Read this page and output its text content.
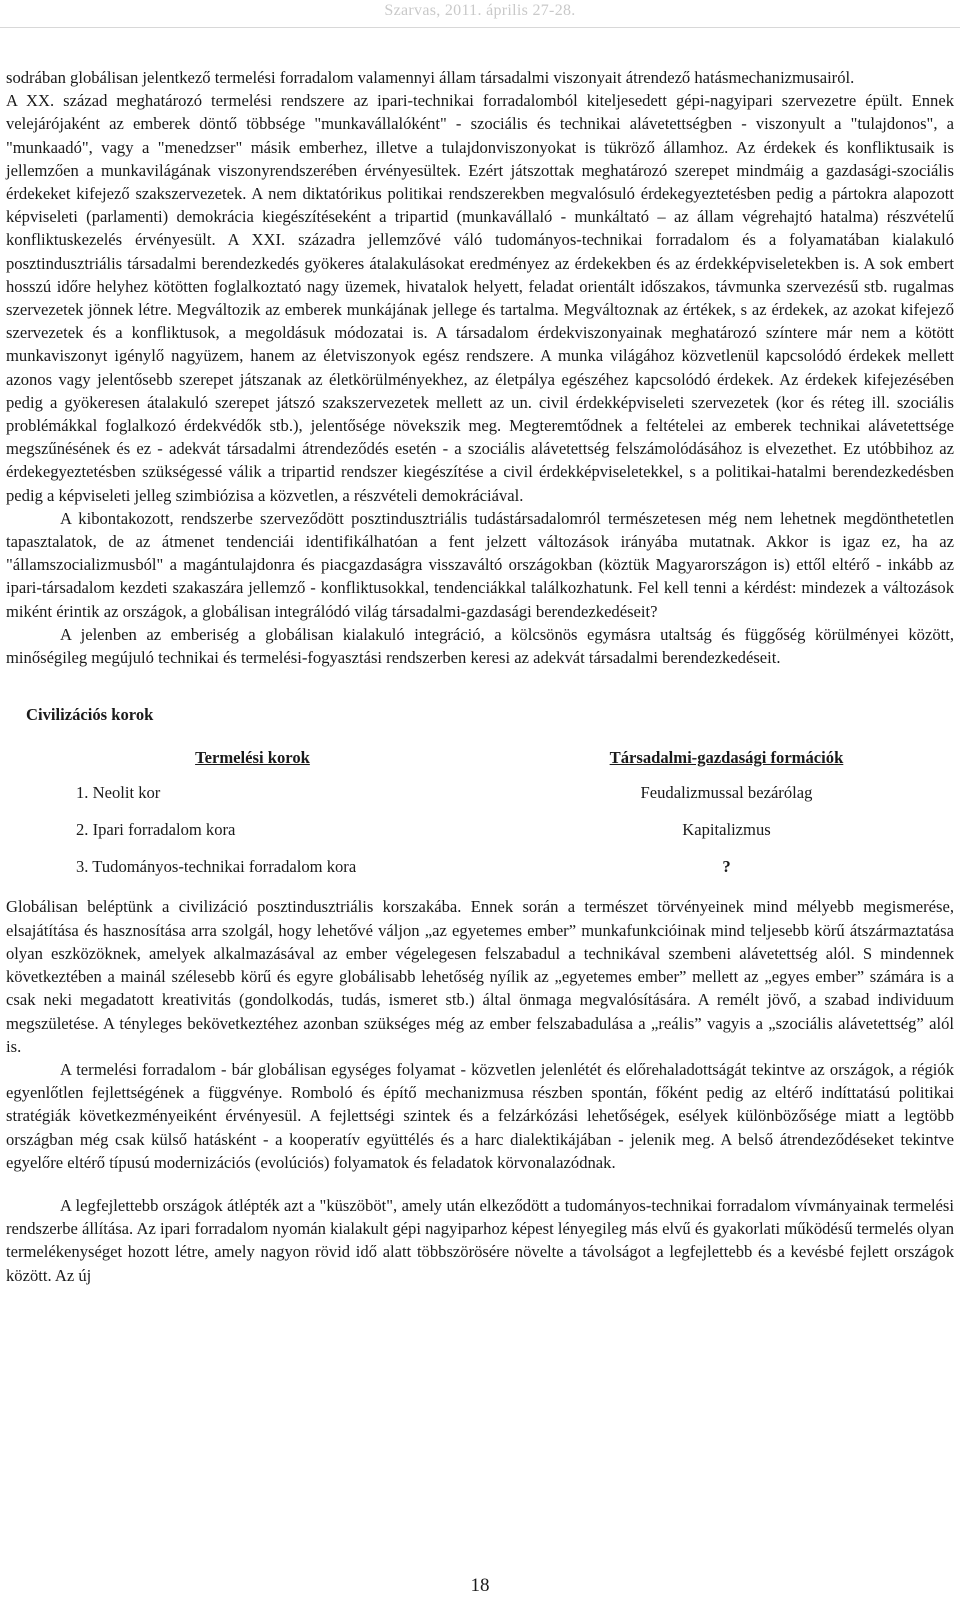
Szarvas, 2011. április 27-28.

sodrában globálisan jelentkező termelési forradalom valamennyi állam társadalmi viszonyait átrendező hatásmechanizmusairól.

A XX. század meghatározó termelési rendszere az ipari-technikai forradalomból kiteljesedett gépi-nagyipari szervezetre épült. Ennek velejárójaként az emberek döntő többsége "munkavállalóként" - szociális és technikai alávetettségben - viszonyult a "tulajdonos", a "munkaadó", vagy a "menedzser" másik emberhez, illetve a tulajdonviszonyokat is tükröző államhoz. Az érdekek és konfliktusaik is jellemzően a munkavilágának viszonyrendszerében érvényesültek. Ezért játszottak meghatározó szerepet mindmáig a gazdasági-szociális érdekeket kifejező szakszervezetek. A nem diktatórikus politikai rendszerekben megvalósuló érdekegyeztetésben pedig a pártokra alapozott képviseleti (parlamenti) demokrácia kiegészítéseként a tripartid (munkavállaló - munkáltató – az állam végrehajtó hatalma) részvételű konfliktuskezelés érvényesült. A XXI. századra jellemzővé váló tudományos-technikai forradalom és a folyamatában kialakuló posztindusztriális társadalmi berendezkedés gyökeres átalakulásokat eredményez az érdekekben és az érdekképviseletekben is. A sok embert hosszú időre helyhez kötötten foglalkoztató nagy üzemek, hivatalok helyett, feladat orientált időszakos, távmunka szervezésű stb. rugalmas szervezetek jönnek létre. Megváltozik az emberek munkájának jellege és tartalma. Megváltoznak az értékek, s az érdekek, az azokat kifejező szervezetek és a konfliktusok, a megoldásuk módozatai is. A társadalom érdekviszonyainak meghatározó színtere már nem a kötött munkaviszonyt igénylő nagyüzem, hanem az életviszonyok egész rendszere. A munka világához közvetlenül kapcsolódó érdekek mellett azonos vagy jelentősebb szerepet játszanak az életkörülményekhez, az életpálya egészéhez kapcsolódó érdekek. Az érdekek kifejezésében pedig a gyökeresen átalakuló szerepet játszó szakszervezetek mellett az un. civil érdekképviseleti szervezetek (kor és réteg ill. szociális problémákkal foglalkozó érdekvédők stb.), jelentősége növekszik meg. Megteremtődnek a feltételei az emberek technikai alávetettsége megszűnésének és ez - adekvát társadalmi átrendeződés esetén - a szociális alávetettség felszámolódásához is elvezethet. Ez utóbbihoz az érdekegyeztetésben szükségessé válik a tripartid rendszer kiegészítése a civil érdekképviseletekkel, s a politikai-hatalmi berendezkedésben pedig a képviseleti jelleg szimbiózisa a közvetlen, a részvételi demokráciával.

A kibontakozott, rendszerbe szerveződött posztindusztriális tudástársadalomról természetesen még nem lehetnek megdönthetetlen tapasztalatok, de az átmenet tendenciái identifikálhatóan a fent jelzett változások irányába mutatnak. Akkor is igaz ez, ha az "államszocializmusból" a magántulajdonra és piacgazdaságra visszaváltó országokban (köztük Magyarországon is) ettől eltérő - inkább az ipari-társadalom kezdeti szakaszára jellemző - konfliktusokkal, tendenciákkal találkozhatunk. Fel kell tenni a kérdést: mindezek a változások miként érintik az országok, a globálisan integrálódó világ társadalmi-gazdasági berendezkedéseit?

A jelenben az emberiség a globálisan kialakuló integráció, a kölcsönös egymásra utaltság és függőség körülményei között, minőségileg megújuló technikai és termelési-fogyasztási rendszerben keresi az adekvát társadalmi berendezkedéseit.

Civilizációs korok

Termelési korok	Társadalmi-gazdasági formációk
1. Neolit kor	Feudalizmussal bezárólag
2. Ipari forradalom kora	Kapitalizmus
3. Tudományos-technikai forradalom kora	?

Globálisan beléptünk a civilizáció posztindusztriális korszakába. Ennek során a természet törvényeinek mind mélyebb megismerése, elsajátítása és hasznosítása arra szolgál, hogy lehetővé váljon „az egyetemes ember” munkafunkcióinak mind teljesebb körű átszármaztatása olyan eszközöknek, amelyek alkalmazásával az ember végelegesen felszabadul a technikával szembeni alávetettség alól. S mindennek következtében a mainál szélesebb körű és egyre globálisabb lehetőség nyílik az „egyetemes ember” mellett az „egyes ember” számára is a csak neki megadatott kreativitás (gondolkodás, tudás, ismeret stb.) által önmaga megvalósítására. A remélt jövő, a szabad individuum megszületése. A tényleges bekövetkeztéhez azonban szükséges még az ember felszabadulása a „reális” vagyis a „szociális alávetettség” alól is.

A termelési forradalom - bár globálisan egységes folyamat - közvetlen jelenlétét és előrehaladottságát tekintve az országok, a régiók egyenlőtlen fejlettségének a függvénye. Romboló és építő mechanizmusa részben spontán, főként pedig az eltérő indíttatású politikai stratégiák következményeiként érvényesül. A fejlettségi szintek és a felzárkózási lehetőségek, esélyek különbözősége miatt a legtöbb országban még csak külső hatásként - a kooperatív együttélés és a harc dialektikájában - jelenik meg. A belső átrendeződéseket tekintve egyelőre eltérő típusú modernizációs (evolúciós) folyamatok és feladatok körvonalazódnak.

A legfejlettebb országok átlépték azt a "küszöböt", amely után elkeződött a tudományos-technikai forradalom vívmányainak termelési rendszerbe állítása. Az ipari forradalom nyomán kialakult gépi nagyiparhoz képest lényegileg más elvű és gyakorlati működésű termelés olyan termelékenységet hozott létre, amely nagyon rövid idő alatt többszörösére növelte a távolságot a legfejlettebb és a kevésbé fejlett országok között. Az új

18
